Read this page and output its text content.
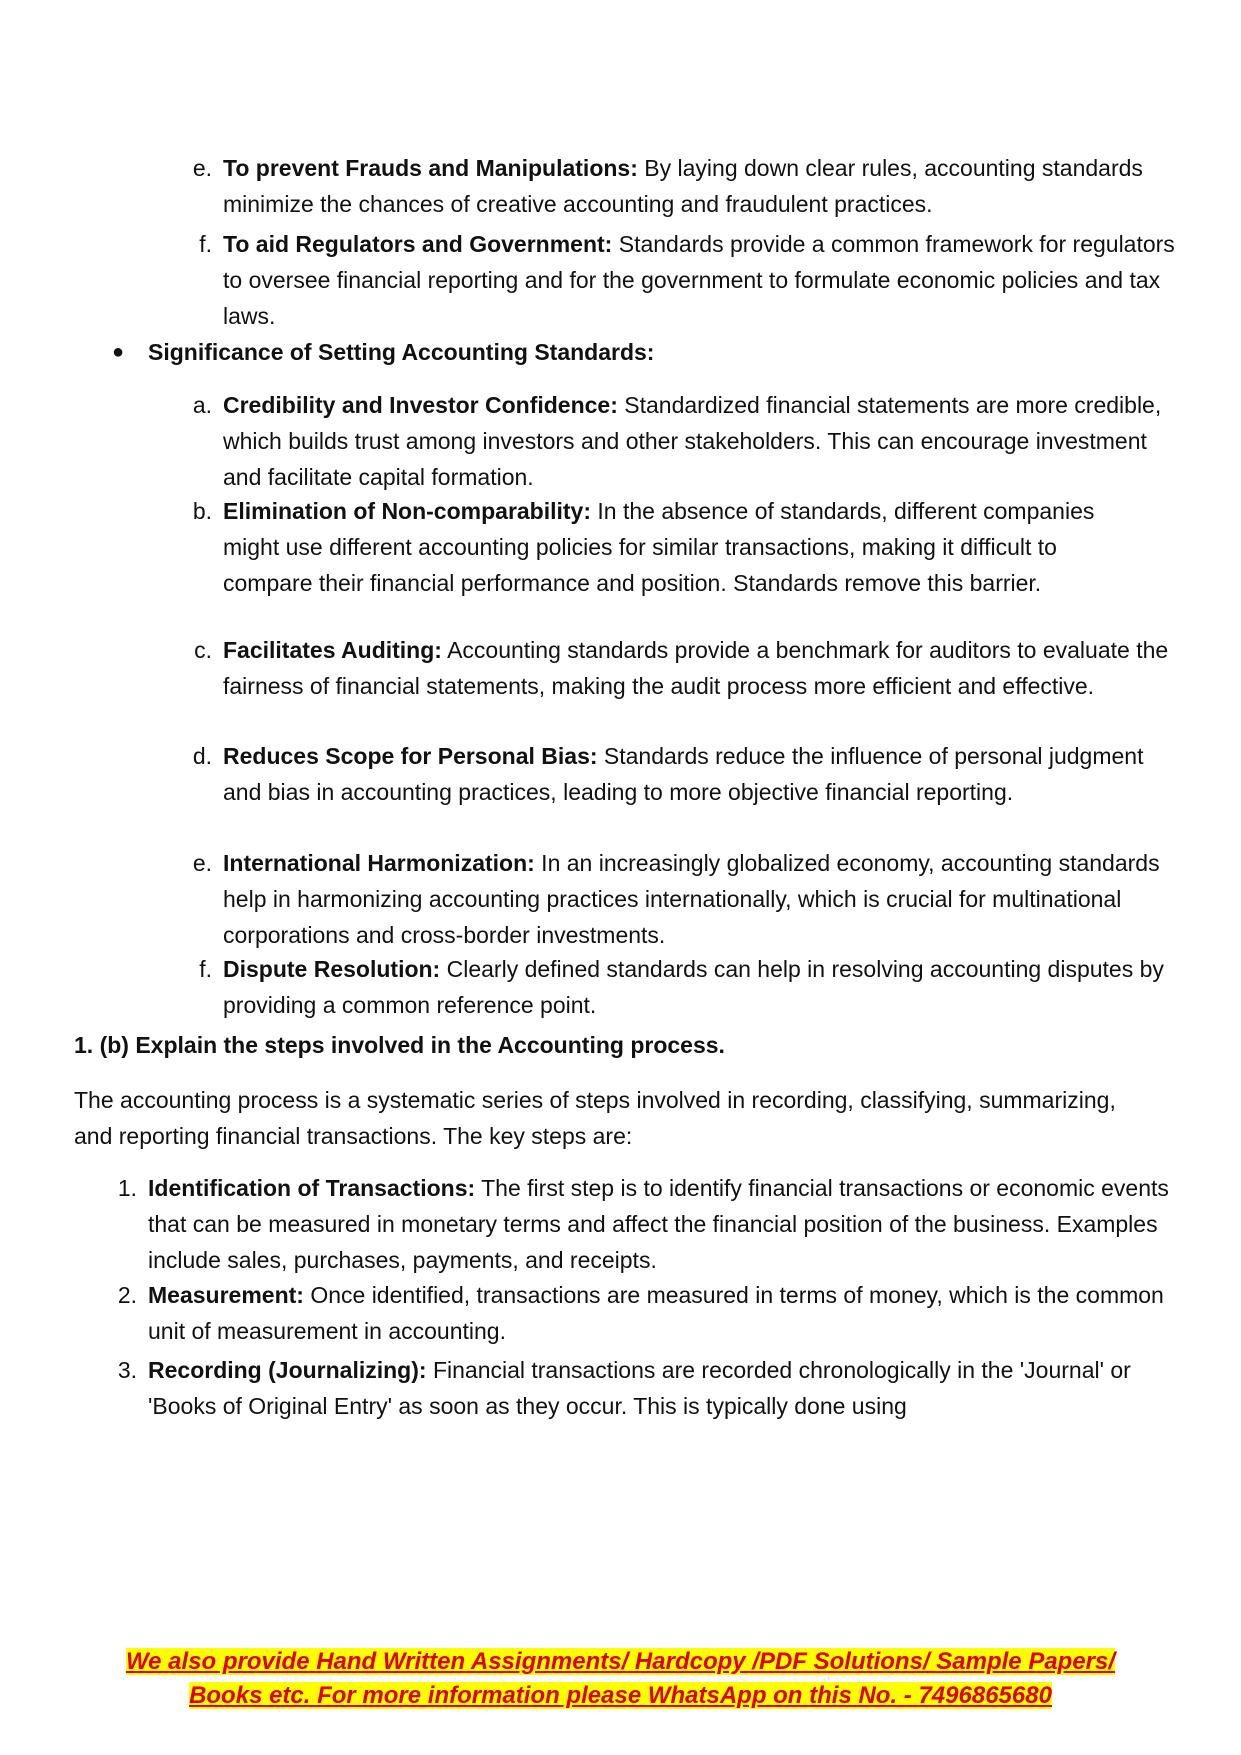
e. To prevent Frauds and Manipulations: By laying down clear rules, accounting standards minimize the chances of creative accounting and fraudulent practices.
f. To aid Regulators and Government: Standards provide a common framework for regulators to oversee financial reporting and for the government to formulate economic policies and tax laws.
● Significance of Setting Accounting Standards:
a. Credibility and Investor Confidence: Standardized financial statements are more credible, which builds trust among investors and other stakeholders. This can encourage investment and facilitate capital formation.
b. Elimination of Non-comparability: In the absence of standards, different companies might use different accounting policies for similar transactions, making it difficult to compare their financial performance and position. Standards remove this barrier.
c. Facilitates Auditing: Accounting standards provide a benchmark for auditors to evaluate the fairness of financial statements, making the audit process more efficient and effective.
d. Reduces Scope for Personal Bias: Standards reduce the influence of personal judgment and bias in accounting practices, leading to more objective financial reporting.
e. International Harmonization: In an increasingly globalized economy, accounting standards help in harmonizing accounting practices internationally, which is crucial for multinational corporations and cross-border investments.
f. Dispute Resolution: Clearly defined standards can help in resolving accounting disputes by providing a common reference point.
1. (b) Explain the steps involved in the Accounting process.
The accounting process is a systematic series of steps involved in recording, classifying, summarizing, and reporting financial transactions. The key steps are:
1. Identification of Transactions: The first step is to identify financial transactions or economic events that can be measured in monetary terms and affect the financial position of the business. Examples include sales, purchases, payments, and receipts.
2. Measurement: Once identified, transactions are measured in terms of money, which is the common unit of measurement in accounting.
3. Recording (Journalizing): Financial transactions are recorded chronologically in the 'Journal' or 'Books of Original Entry' as soon as they occur. This is typically done using
We also provide Hand Written Assignments/ Hardcopy /PDF Solutions/ Sample Papers/
Books etc. For more information please WhatsApp on this No. - 7496865680
